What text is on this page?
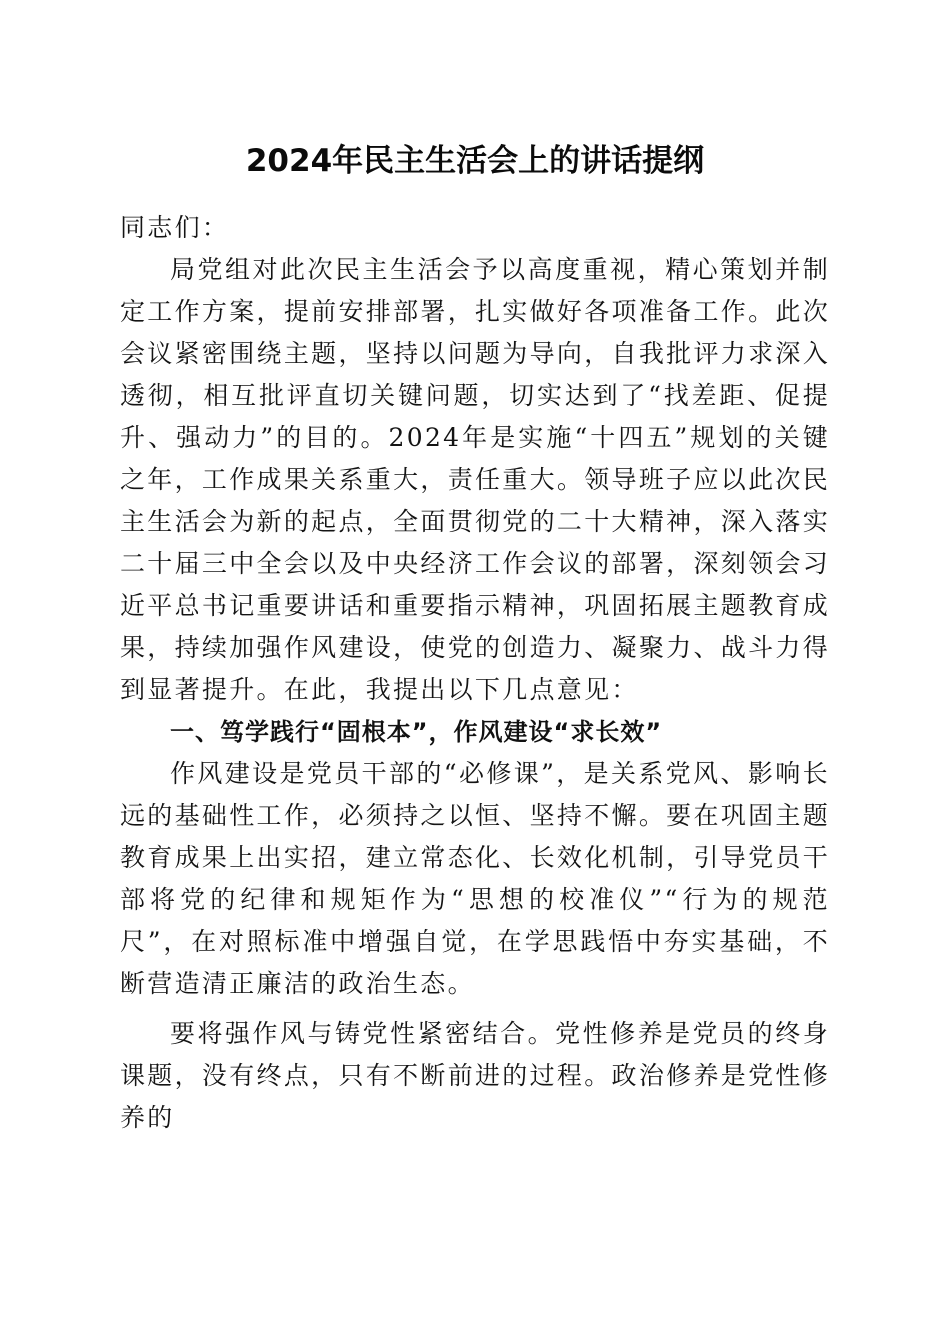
2024年民主生活会上的讲话提纲

同志们：

局党组对此次民主生活会予以高度重视，精心策划并制定工作方案，提前安排部署，扎实做好各项准备工作。此次会议紧密围绕主题，坚持以问题为导向，自我批评力求深入透彻，相互批评直切关键问题，切实达到了“找差距、促提升、强动力”的目的。2024年是实施“十四五”规划的关键之年，工作成果关系重大，责任重大。领导班子应以此次民主生活会为新的起点，全面贯彻党的二十大精神，深入落实二十届三中全会以及中央经济工作会议的部署，深刻领会习近平总书记重要讲话和重要指示精神，巩固拓展主题教育成果，持续加强作风建设，使党的创造力、凝聚力、战斗力得到显著提升。在此，我提出以下几点意见：

一、笃学践行“固根本”，作风建设“求长效”

作风建设是党员干部的“必修课”，是关系党风、影响长远的基础性工作，必须持之以恒、坚持不懈。要在巩固主题教育成果上出实招，建立常态化、长效化机制，引导党员干部将党的纪律和规矩作为“思想的校准仪”“行为的规范尺”，在对照标准中增强自觉，在学思践悟中夯实基础，不断营造清正廉洁的政治生态。

要将强作风与铸党性紧密结合。党性修养是党员的终身课题，没有终点，只有不断前进的过程。政治修养是党性修养的
